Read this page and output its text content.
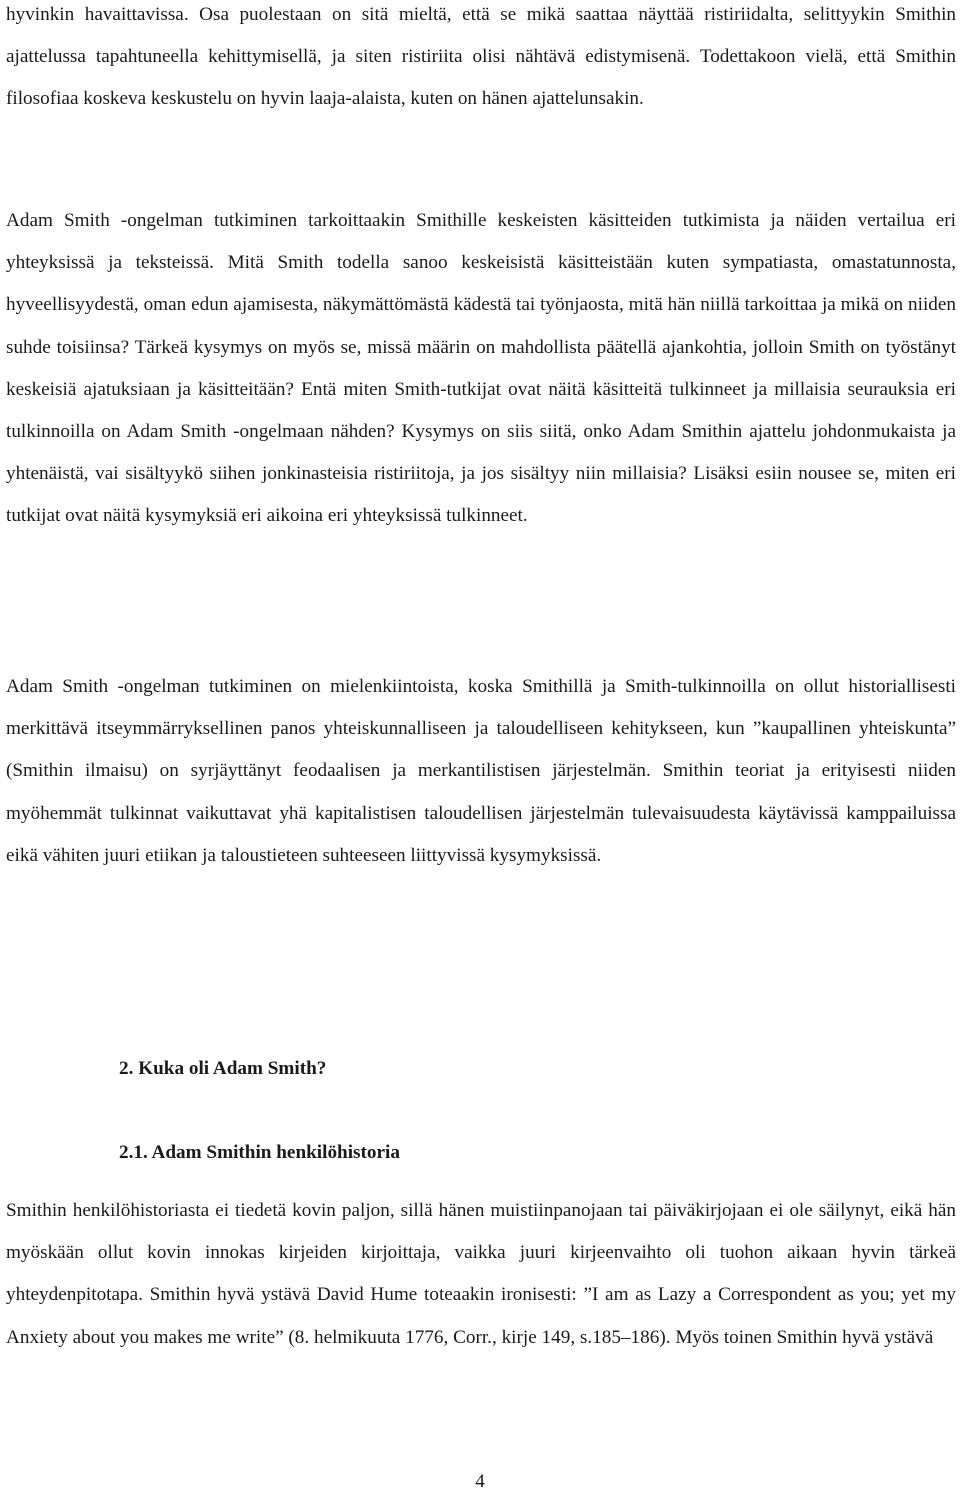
hyvinkin havaittavissa. Osa puolestaan on sitä mieltä, että se mikä saattaa näyttää ristiriidalta, selittyykin Smithin ajattelussa tapahtuneella kehittymisellä, ja siten ristiriita olisi nähtävä edistymisenä. Todettakoon vielä, että Smithin filosofiaa koskeva keskustelu on hyvin laaja-alaista, kuten on hänen ajattelunsakin.

Adam Smith -ongelman tutkiminen tarkoittaakin Smithille keskeisten käsitteiden tutkimista ja näiden vertailua eri yhteyksissä ja teksteissä. Mitä Smith todella sanoo keskeisistä käsitteistään kuten sympatiasta, omastatunnosta, hyveellisyydestä, oman edun ajamisesta, näkymättömästä kädestä tai työnjaosta, mitä hän niillä tarkoittaa ja mikä on niiden suhde toisiinsa? Tärkeä kysymys on myös se, missä määrin on mahdollista päätellä ajankohtia, jolloin Smith on työstänyt keskeisiä ajatuksiaan ja käsitteitään? Entä miten Smith-tutkijat ovat näitä käsitteitä tulkinneet ja millaisia seurauksia eri tulkinnoilla on Adam Smith -ongelmaan nähden? Kysymys on siis siitä, onko Adam Smithin ajattelu johdonmukaista ja yhtenäistä, vai sisältyykö siihen jonkinasteisia ristiriitoja, ja jos sisältyy niin millaisia? Lisäksi esiin nousee se, miten eri tutkijat ovat näitä kysymyksiä eri aikoina eri yhteyksissä tulkinneet.

Adam Smith -ongelman tutkiminen on mielenkiintoista, koska Smithillä ja Smith-tulkinnoilla on ollut historiallisesti merkittävä itseymmärryksellinen panos yhteiskunnalliseen ja taloudelliseen kehitykseen, kun ”kaupallinen yhteiskunta” (Smithin ilmaisu) on syrjäyttänyt feodaalisen ja merkantilistisen järjestelmän. Smithin teoriat ja erityisesti niiden myöhemmät tulkinnat vaikuttavat yhä kapitalistisen taloudellisen järjestelmän tulevaisuudesta käytävissä kamppailuissa eikä vähiten juuri etiikan ja taloustieteen suhteeseen liittyvissä kysymyksissä.

2. Kuka oli Adam Smith?
2.1. Adam Smithin henkilöhistoria

Smithin henkilöhistoriasta ei tiedetä kovin paljon, sillä hänen muistiinpanojaan tai päiväkirjojaan ei ole säilynyt, eikä hän myöskään ollut kovin innokas kirjeiden kirjoittaja, vaikka juuri kirjeenvaihto oli tuohon aikaan hyvin tärkeä yhteydenpitotapa. Smithin hyvä ystävä David Hume toteaakin ironisesti: ”I am as Lazy a Correspondent as you; yet my Anxiety about you makes me write” (8. helmikuuta 1776, Corr., kirje 149, s.185–186). Myös toinen Smithin hyvä ystävä

4
